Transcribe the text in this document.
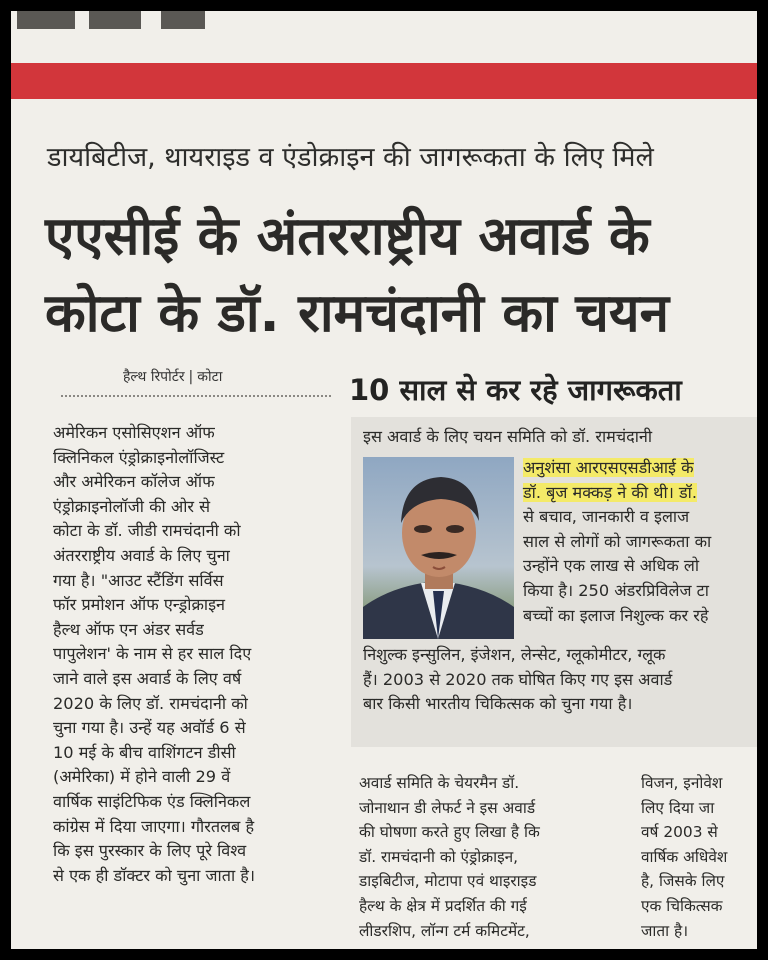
डायबिटीज, थायराइड व एंडोक्राइन की जागरूकता के लिए मिले
एएसीई के अंतरराष्ट्रीय अवार्ड के
कोटा के डॉ. रामचंदानी का चयन
हैल्थ रिपोर्टर | कोटा	10 साल से कर रहे जागरूकता

अमेरिकन एसोसिएशन ऑफ

क्लिनिकल एंड्रोक्राइनोलॉजिस्ट

और अमेरिकन कॉलेज ऑफ

एंड्रोक्राइनोलॉजी की ओर से

कोटा के डॉ. जीडी रामचंदानी को

अंतरराष्ट्रीय अवार्ड के लिए चुना

गया है। "आउट स्टैंडिंग सर्विस

फॉर प्रमोशन ऑफ एन्ड्रोक्राइन

हैल्थ ऑफ एन अंडर सर्वड

पापुलेशन' के नाम से हर साल दिए

जाने वाले इस अवार्ड के लिए वर्ष

2020 के लिए डॉ. रामचंदानी को

चुना गया है। उन्हें यह अवॉर्ड 6 से

10 मई के बीच वाशिंगटन डीसी

(अमेरिका) में होने वाली 29 वें

वार्षिक साइंटिफिक एंड क्लिनिकल

कांग्रेस में दिया जाएगा। गौरतलब है

कि इस पुरस्कार के लिए पूरे विश्व

से एक ही डॉक्टर को चुना जाता है।

इस अवार्ड के लिए चयन समिति को डॉ. रामचंदानी

अनुशंसा आरएसएसडीआई के

डॉ. बृज मक्कड़ ने की थी। डॉ.

से बचाव, जानकारी व इलाज

साल से लोगों को जागरूकता का

उन्होंने एक लाख से अधिक लो

किया है। 250 अंडरप्रिविलेज टा

बच्चों का इलाज निशुल्क कर रहे

निशुल्क इन्सुलिन, इंजेशन, लेन्सेट, ग्लूकोमीटर, ग्लूक

हैं। 2003 से 2020 तक घोषित किए गए इस अवार्ड

बार किसी भारतीय चिकित्सक को चुना गया है।

अवार्ड समिति के चेयरमैन डॉ.

जोनाथान डी लेफर्ट ने इस अवार्ड

की घोषणा करते हुए लिखा है कि

डॉ. रामचंदानी को एंड्रोक्राइन,

डाइबिटीज, मोटापा एवं थाइराइड

हैल्थ के क्षेत्र में प्रदर्शित की गई

लीडरशिप, लॉन्ग टर्म कमिटमेंट,

विजन, इनोवेश

लिए दिया जा

वर्ष 2003 से

वार्षिक अधिवेश

है, जिसके लिए

एक चिकित्सक

जाता है।
